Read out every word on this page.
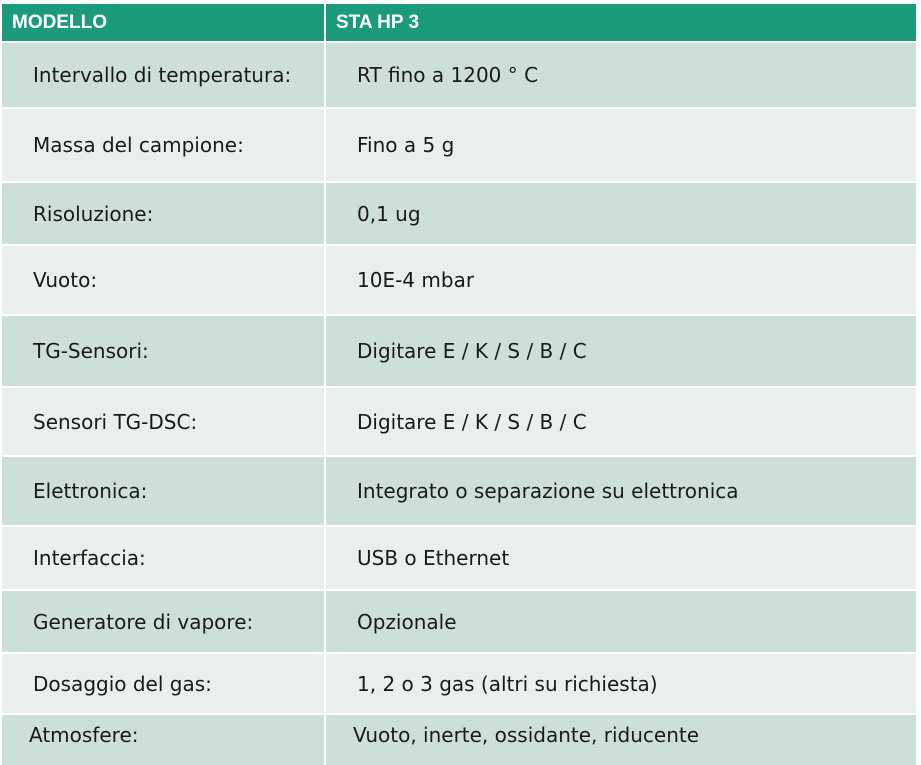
MODELLO	STA HP 3
Intervallo di temperatura:	RT fino a 1200 ° C
Massa del campione:	Fino a 5 g
Risoluzione:	0,1 ug
Vuoto:	10E-4 mbar
TG-Sensori:	Digitare E / K / S / B / C
Sensori TG-DSC:	Digitare E / K / S / B / C
Elettronica:	Integrato o separazione su elettronica
Interfaccia:	USB o Ethernet
Generatore di vapore:	Opzionale
Dosaggio del gas:	1, 2 o 3 gas (altri su richiesta)
Atmosfere:	Vuoto, inerte, ossidante, riducente
